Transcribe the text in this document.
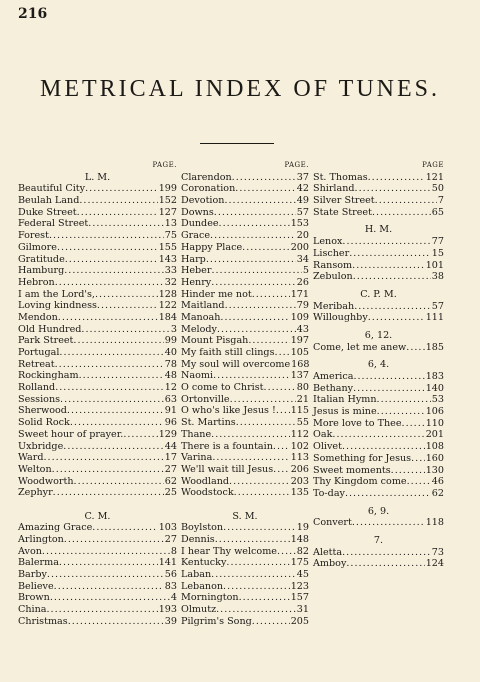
216
METRICAL INDEX OF TUNES.
PAGE.
L. M.
Beautiful City .....	199
Beulah Land .....	152
Duke Street .....	127
Federal Street .....	13
Forest .....	75
Gilmore .....	155
Gratitude .....	143
Hamburg .....	33
Hebron .....	32
I am the Lord's, .....	128
Loving kindness .....	122
Mendon .....	184
Old Hundred .....	3
Park Street .....	99
Portugal .....	40
Retreat .....	78
Rockingham .....	48
Rolland .....	12
Sessions .....	63
Sherwood .....	91
Solid Rock .....	96
Sweet hour of prayer. .....	129
Uxbridge .....	44
Ward .....	17
Welton .....	27
Woodworth .....	62
Zephyr .....	25
C. M.
Amazing Grace .....	103
Arlington .....	27
Avon .....	8
Balerma .....	141
Barby .....	56
Believe .....	83
Brown .....	4
China .....	193
Christmas .....	39
PAGE.
Clarendon .....	37
Coronation .....	42
Devotion .....	49
Downs .....	57
Dundee .....	153
Grace .....	20
Happy Place .....	200
Harp .....	34
Heber .....	5
Henry .....	26
Hinder me not .....	171
Maitland .....	79
Manoah .....	109
Melody .....	43
Mount Pisgah .....	197
My faith still clings ..... 105
My soul will overcome 168
Naomi .....	137
O come to Christ .....	80
Ortonville .....	21
O who's like Jesus ! ..... 115
St. Martins .....	55
Thane .....	112
There is a fountain ..... 102
Varina .....	113
We'll wait till Jesus ..... 206
Woodland .....	203
Woodstock .....	135
S. M.
Boylston .....	19
Dennis .....	148
I hear Thy welcome ..... 82
Kentucky .....	175
Laban .....	45
Lebanon .....	123
Mornington .....	157
Olmutz .....	31
Pilgrim's Song .....	205
PAGE
St. Thomas .....	121
Shirland .....	50
Silver Street .....	7
State Street .....	65
H. M.
Lenox .....	77
Lischer .....	15
Ransom .....	101
Zebulon .....	38
C. P. M.
Meribah .....	57
Willoughby .....	111
6, 12.
Come, let me anew ..... 185
6, 4.
America .....	183
Bethany .....	140
Italian Hymn .....	53
Jesus is mine .....	106
More love to Thee .....	110
Oak .....	201
Olivet .....	108
Something for Jesus ..... 160
Sweet moments .....	130
Thy Kingdom come .....	46
To-day .....	62
6, 9.
Convert .....	118
7.
Aletta .....	73
Amboy .....	124
